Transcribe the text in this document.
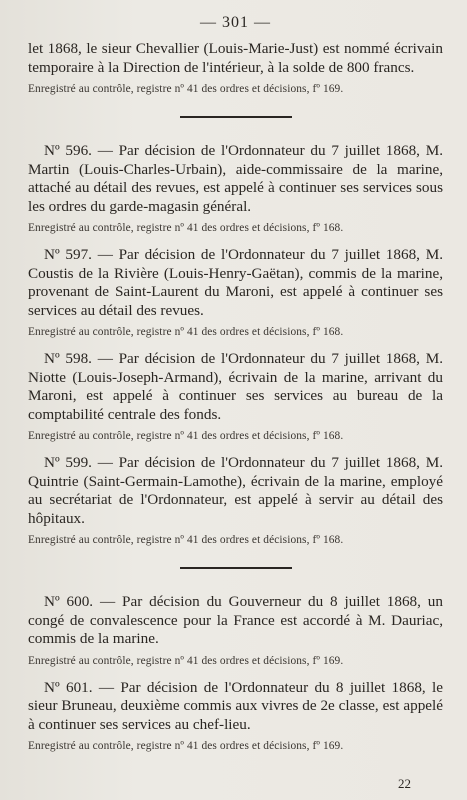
— 301 —

let 1868, le sieur Chevallier (Louis-Marie-Just) est nommé écrivain temporaire à la Direction de l'intérieur, à la solde de 800 francs.

Enregistré au contrôle, registre nº 41 des ordres et décisions, fº 169.

Nº 596. — Par décision de l'Ordonnateur du 7 juillet 1868, M. Martin (Louis-Charles-Urbain), aide-commissaire de la marine, attaché au détail des revues, est appelé à continuer ses services sous les ordres du garde-magasin général.

Enregistré au contrôle, registre nº 41 des ordres et décisions, fº 168.

Nº 597. — Par décision de l'Ordonnateur du 7 juillet 1868, M. Coustis de la Rivière (Louis-Henry-Gaëtan), commis de la marine, provenant de Saint-Laurent du Maroni, est appelé à continuer ses services au détail des revues.

Enregistré au contrôle, registre nº 41 des ordres et décisions, fº 168.

Nº 598. — Par décision de l'Ordonnateur du 7 juillet 1868, M. Niotte (Louis-Joseph-Armand), écrivain de la marine, arrivant du Maroni, est appelé à continuer ses services au bureau de la comptabilité centrale des fonds.

Enregistré au contrôle, registre nº 41 des ordres et décisions, fº 168.

Nº 599. — Par décision de l'Ordonnateur du 7 juillet 1868, M. Quintrie (Saint-Germain-Lamothe), écrivain de la marine, employé au secrétariat de l'Ordonnateur, est appelé à servir au détail des hôpitaux.

Enregistré au contrôle, registre nº 41 des ordres et décisions, fº 168.

Nº 600. — Par décision du Gouverneur du 8 juillet 1868, un congé de convalescence pour la France est accordé à M. Dauriac, commis de la marine.

Enregistré au contrôle, registre nº 41 des ordres et décisions, fº 169.

Nº 601. — Par décision de l'Ordonnateur du 8 juillet 1868, le sieur Bruneau, deuxième commis aux vivres de 2e classe, est appelé à continuer ses services au chef-lieu.

Enregistré au contrôle, registre nº 41 des ordres et décisions, fº 169.

22
